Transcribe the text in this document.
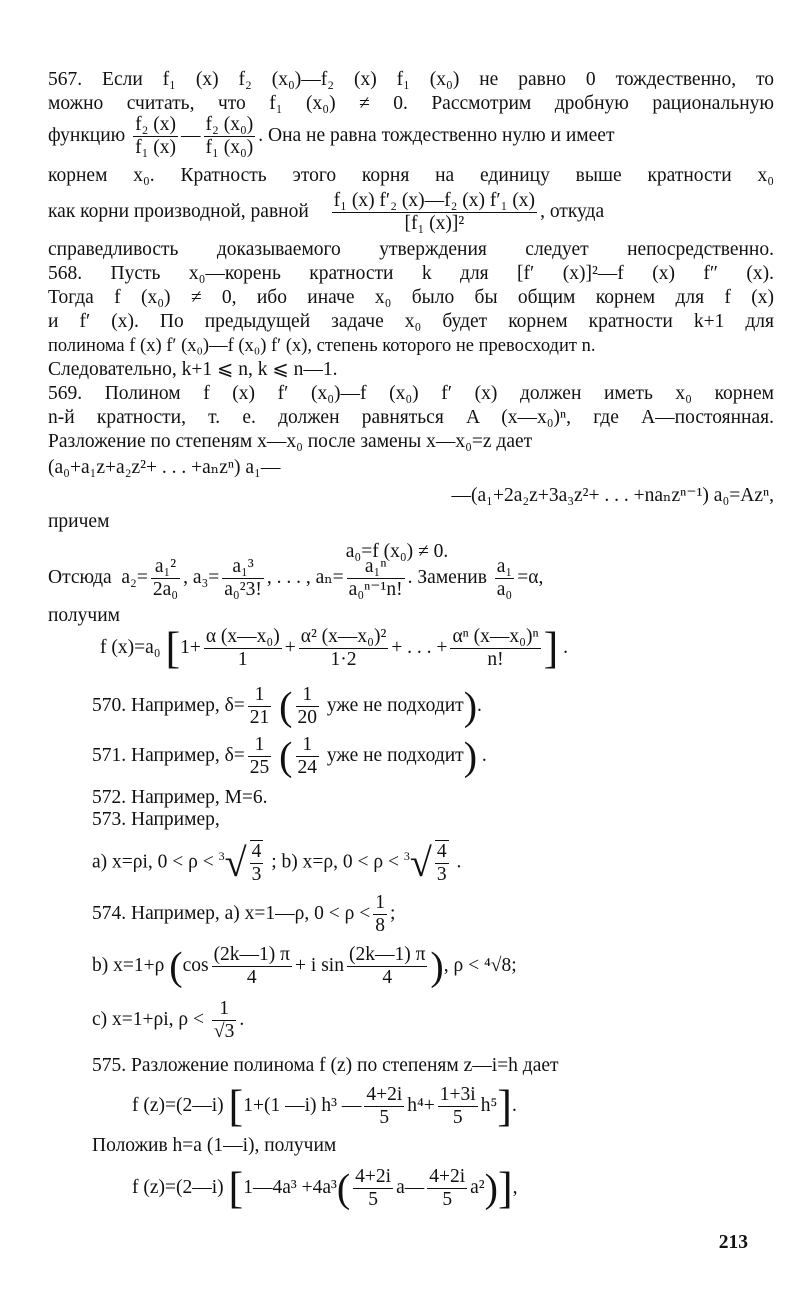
567. Если f₁ (x) f₂ (x₀)—f₂ (x) f₁ (x₀) не равно 0 тождественно, то
можно считать, что f₁ (x₀) ≠ 0. Рассмотрим дробную рациональную
функцию $\frac{\text{f₂ (x)}}{\text{f₁ (x)}}$ — $\frac{\text{f₂ (x₀)}}{\text{f₁ (x₀)}}$ . Она не равна тождественно нулю и имеет
корнем x₀. Кратность этого корня на единицу выше кратности x₀
как корни производной, равной $\frac{\text{f₁ (x) f′₂ (x)—f₂ (x) f′₁ (x)}}{\text{[f₁ (x)]²}}$ , откуда
справедливость доказываемого утверждения следует непосредственно.
568. Пусть x₀—корень кратности k для [f′ (x)]²—f (x) f″ (x).
Тогда f (x₀) ≠ 0, ибо иначе x₀ было бы общим корнем для f (x)
и f′ (x). По предыдущей задаче x₀ будет корнем кратности k+1 для
полинома f (x) f′ (x₀)—f (x₀) f′ (x), степень которого не превосходит n.
Следовательно, k+1 ⩽ n, k ⩽ n—1.
569. Полином f (x) f′ (x₀)—f (x₀) f′ (x) должен иметь x₀ корнем
n-й кратности, т. е. должен равняться A (x—x₀)ⁿ, где A—постоянная.
Разложение по степеням x—x₀ после замены x—x₀=z дает
(a₀+a₁z+a₂z²+ . . . +aₙzⁿ) a₁—
—(a₁+2a₂z+3a₃z²+ . . . +naₙzⁿ⁻¹) a₀=Azⁿ,
причем
a₀=f (x₀) ≠ 0.
Отсюда $a_2= \frac{\text{a₁²}}{\text{2a₀}}$ , $a_3= \frac{\text{a₁³}}{\text{a₀²3!}}$ , . . . , $a_n= \frac{\text{a₁ⁿ}}{\text{a₀ⁿ⁻¹n!}}$ . Заменив $\frac{\text{a₁}}{\text{a₀}} =\alpha$,
получим
f (x)=a₀ [$1+ \frac{\text{α (x—x₀)}}{1} + \frac{\text{α² (x—x₀)²}}{1\cdot 2}$ + . . . + $\frac{\text{αⁿ (x—x₀)ⁿ}}{n!}$ ] .
570. Например, $\delta= \frac{1}{21}$ ( $\frac{1}{20}$ уже не подходит).
571. Например, $\delta= \frac{1}{25}$ ( $\frac{1}{24}$ уже не подходит) .
572. Например, M=6.
573. Например,
a) x=ρi, $0 < \rho < ^3√ \frac{4}{3}$ ; b) x=ρ, $0 < \rho < ^3√ \frac{4}{3}$ .
574. Например, a) x=1—ρ, $0 < \rho < \frac{1}{8}$ ;
b) x=1+ρ ($\cos \frac{(2k—1) \pi}{4} + i$ $\sin \frac{(2k—1) \pi}{4}$ ), ρ < ⁴√8;
c) x=1+ρi, $\rho < \frac{1}{√3}$ .
575. Разложение полинома f (z) по степеням z—i=h дает
f (z)=(2—i) [1+(1 —i) h³ — $\frac{4+2i}{5} h^4+ \frac{1+3i}{5} h^5$].
Положив h=a (1—i), получим
f (z)=(2—i) [1—4a³ $+4a^3( \frac{4+2i}{5}$ a— $\frac{4+2i}{5} a^2$)],
213
